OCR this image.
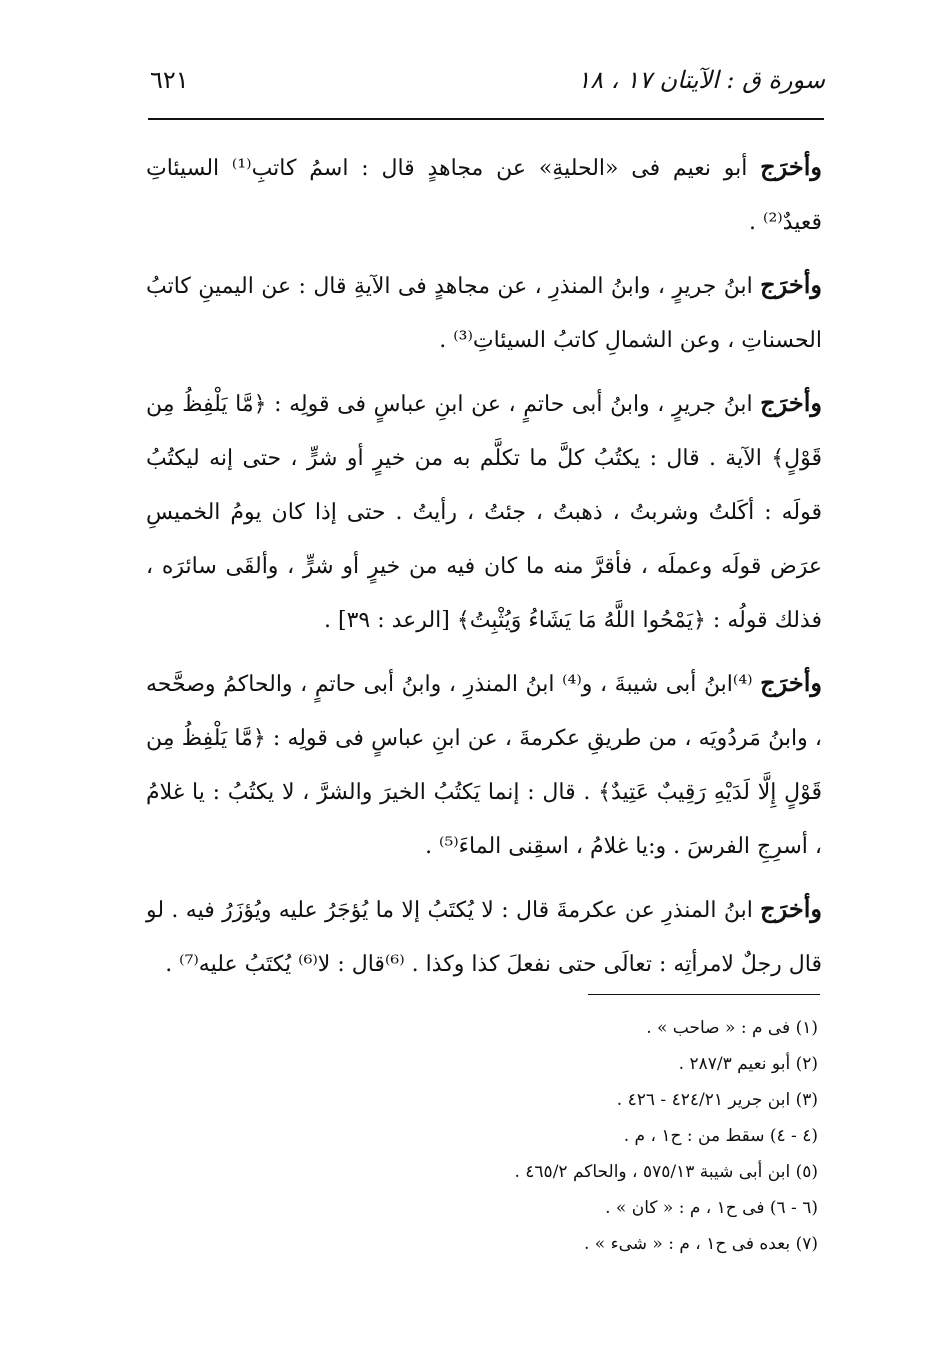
سورة ق : الآيتان ١٧ ، ١٨
٦٢١

وأخرَج أبو نعيم فى «الحليةِ» عن مجاهدٍ قال : اسمُ كاتبِ⁽¹⁾ السيئاتِ قعيدٌ⁽²⁾ .

وأخرَج ابنُ جريرٍ ، وابنُ المنذرِ ، عن مجاهدٍ فى الآيةِ قال : عن اليمينِ كاتبُ الحسناتِ ، وعن الشمالِ كاتبُ السيئاتِ⁽³⁾ .

وأخرَج ابنُ جريرٍ ، وابنُ أبى حاتمٍ ، عن ابنِ عباسٍ فى قولِه : ﴿مَّا يَلْفِظُ مِن قَوْلٍ﴾ الآية . قال : يكتُبُ كلَّ ما تكلَّم به من خيرٍ أو شرٍّ ، حتى إنه ليكتُبُ قولَه : أكَلتُ وشربتُ ، ذهبتُ ، جئتُ ، رأيتُ . حتى إذا كان يومُ الخميسِ عرَض قولَه وعملَه ، فأقرَّ منه ما كان فيه من خيرٍ أو شرٍّ ، وألقَى سائرَه ، فذلك قولُه : ﴿يَمْحُوا اللَّهُ مَا يَشَاءُ وَيُثْبِتُ﴾ [الرعد : ٣٩] .

وأخرَج ⁽⁴⁾ابنُ أبى شيبةَ ، و⁽⁴⁾ ابنُ المنذرِ ، وابنُ أبى حاتمٍ ، والحاكمُ وصحَّحه ، وابنُ مَردُويَه ، من طريقِ عكرمةَ ، عن ابنِ عباسٍ فى قولِه : ﴿مَّا يَلْفِظُ مِن قَوْلٍ إِلَّا لَدَيْهِ رَقِيبٌ عَتِيدٌ﴾ . قال : إنما يَكتُبُ الخيرَ والشرَّ ، لا يكتُبُ : يا غلامُ ، أسرِجِ الفرسَ . و:يا غلامُ ، اسقِنى الماءَ⁽⁵⁾ .

وأخرَج ابنُ المنذرِ عن عكرمةَ قال : لا يُكتَبُ إلا ما يُؤجَرُ عليه ويُؤزَرُ فيه . لو قال رجلٌ لامرأتِه : تعالَى حتى نفعلَ كذا وكذا . ⁽⁶⁾قال : لا⁽⁶⁾ يُكتَبُ عليه⁽⁷⁾ .

(١) فى م : « صاحب » .
(٢) أبو نعيم ٢٨٧/٣ .
(٣) ابن جرير ٤٢٤/٢١ - ٤٢٦ .
(٤ - ٤) سقط من : ح١ ، م .
(٥) ابن أبى شيبة ٥٧٥/١٣ ، والحاكم ٤٦٥/٢ .
(٦ - ٦) فى ح١ ، م : « كان » .
(٧) بعده فى ح١ ، م : « شىء » .
